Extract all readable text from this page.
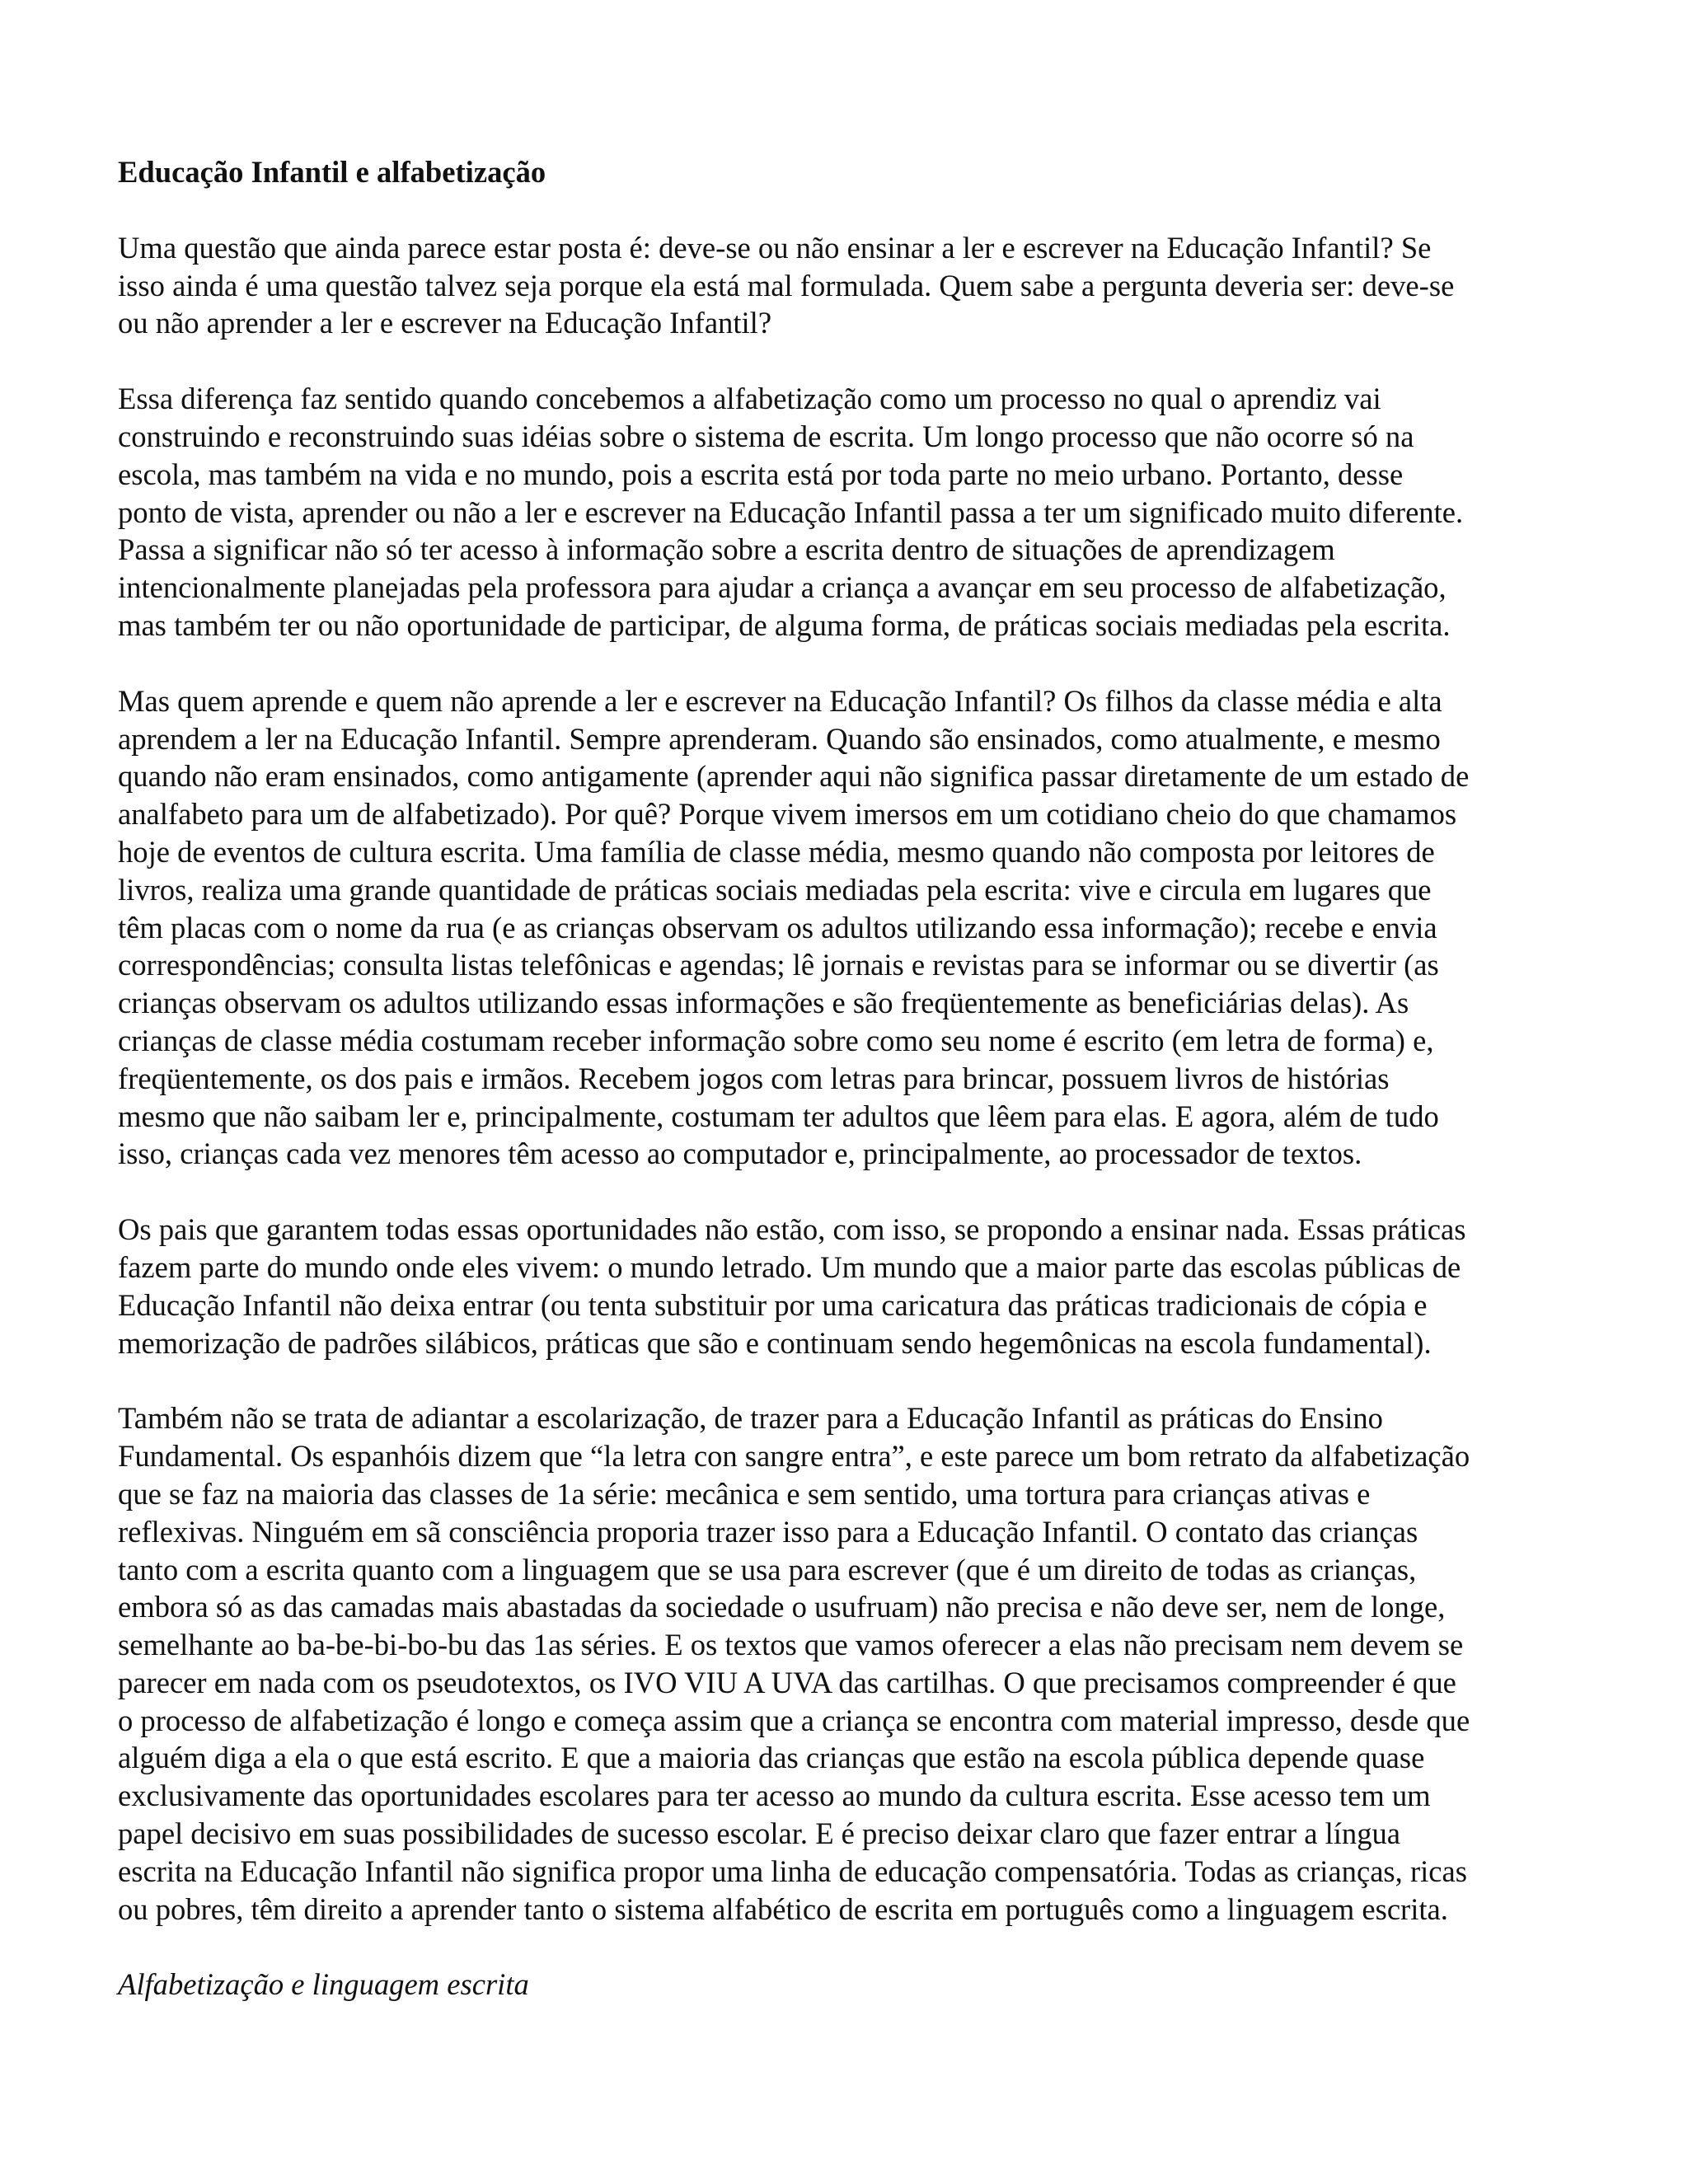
Educação Infantil e alfabetização
Uma questão que ainda parece estar posta é: deve-se ou não ensinar a ler e escrever na Educação Infantil? Se
isso ainda é uma questão talvez seja porque ela está mal formulada. Quem sabe a pergunta deveria ser: deve-se
ou não aprender a ler e escrever na Educação Infantil?
Essa diferença faz sentido quando concebemos a alfabetização como um processo no qual o aprendiz vai
construindo e reconstruindo suas idéias sobre o sistema de escrita. Um longo processo que não ocorre só na
escola, mas também na vida e no mundo, pois a escrita está por toda parte no meio urbano. Portanto, desse
ponto de vista, aprender ou não a ler e escrever na Educação Infantil passa a ter um significado muito diferente.
Passa a significar não só ter acesso à informação sobre a escrita dentro de situações de aprendizagem
intencionalmente planejadas pela professora para ajudar a criança a avançar em seu processo de alfabetização,
mas também ter ou não oportunidade de participar, de alguma forma, de práticas sociais mediadas pela escrita.
Mas quem aprende e quem não aprende a ler e escrever na Educação Infantil? Os filhos da classe média e alta
aprendem a ler na Educação Infantil. Sempre aprenderam. Quando são ensinados, como atualmente, e mesmo
quando não eram ensinados, como antigamente (aprender aqui não significa passar diretamente de um estado de
analfabeto para um de alfabetizado). Por quê? Porque vivem imersos em um cotidiano cheio do que chamamos
hoje de eventos de cultura escrita. Uma família de classe média, mesmo quando não composta por leitores de
livros, realiza uma grande quantidade de práticas sociais mediadas pela escrita: vive e circula em lugares que
têm placas com o nome da rua (e as crianças observam os adultos utilizando essa informação); recebe e envia
correspondências; consulta listas telefônicas e agendas; lê jornais e revistas para se informar ou se divertir (as
crianças observam os adultos utilizando essas informações e são freqüentemente as beneficiárias delas). As
crianças de classe média costumam receber informação sobre como seu nome é escrito (em letra de forma) e,
freqüentemente, os dos pais e irmãos. Recebem jogos com letras para brincar, possuem livros de histórias
mesmo que não saibam ler e, principalmente, costumam ter adultos que lêem para elas. E agora, além de tudo
isso, crianças cada vez menores têm acesso ao computador e, principalmente, ao processador de textos.
Os pais que garantem todas essas oportunidades não estão, com isso, se propondo a ensinar nada. Essas práticas
fazem parte do mundo onde eles vivem: o mundo letrado. Um mundo que a maior parte das escolas públicas de
Educação Infantil não deixa entrar (ou tenta substituir por uma caricatura das práticas tradicionais de cópia e
memorização de padrões silábicos, práticas que são e continuam sendo hegemônicas na escola fundamental).
Também não se trata de adiantar a escolarização, de trazer para a Educação Infantil as práticas do Ensino
Fundamental. Os espanhóis dizem que “la letra con sangre entra”, e este parece um bom retrato da alfabetização
que se faz na maioria das classes de 1a série: mecânica e sem sentido, uma tortura para crianças ativas e
reflexivas. Ninguém em sã consciência proporia trazer isso para a Educação Infantil. O contato das crianças
tanto com a escrita quanto com a linguagem que se usa para escrever (que é um direito de todas as crianças,
embora só as das camadas mais abastadas da sociedade o usufruam) não precisa e não deve ser, nem de longe,
semelhante ao ba-be-bi-bo-bu das 1as séries. E os textos que vamos oferecer a elas não precisam nem devem se
parecer em nada com os pseudotextos, os IVO VIU A UVA das cartilhas. O que precisamos compreender é que
o processo de alfabetização é longo e começa assim que a criança se encontra com material impresso, desde que
alguém diga a ela o que está escrito. E que a maioria das crianças que estão na escola pública depende quase
exclusivamente das oportunidades escolares para ter acesso ao mundo da cultura escrita. Esse acesso tem um
papel decisivo em suas possibilidades de sucesso escolar. E é preciso deixar claro que fazer entrar a língua
escrita na Educação Infantil não significa propor uma linha de educação compensatória. Todas as crianças, ricas
ou pobres, têm direito a aprender tanto o sistema alfabético de escrita em português como a linguagem escrita.
Alfabetização e linguagem escrita
